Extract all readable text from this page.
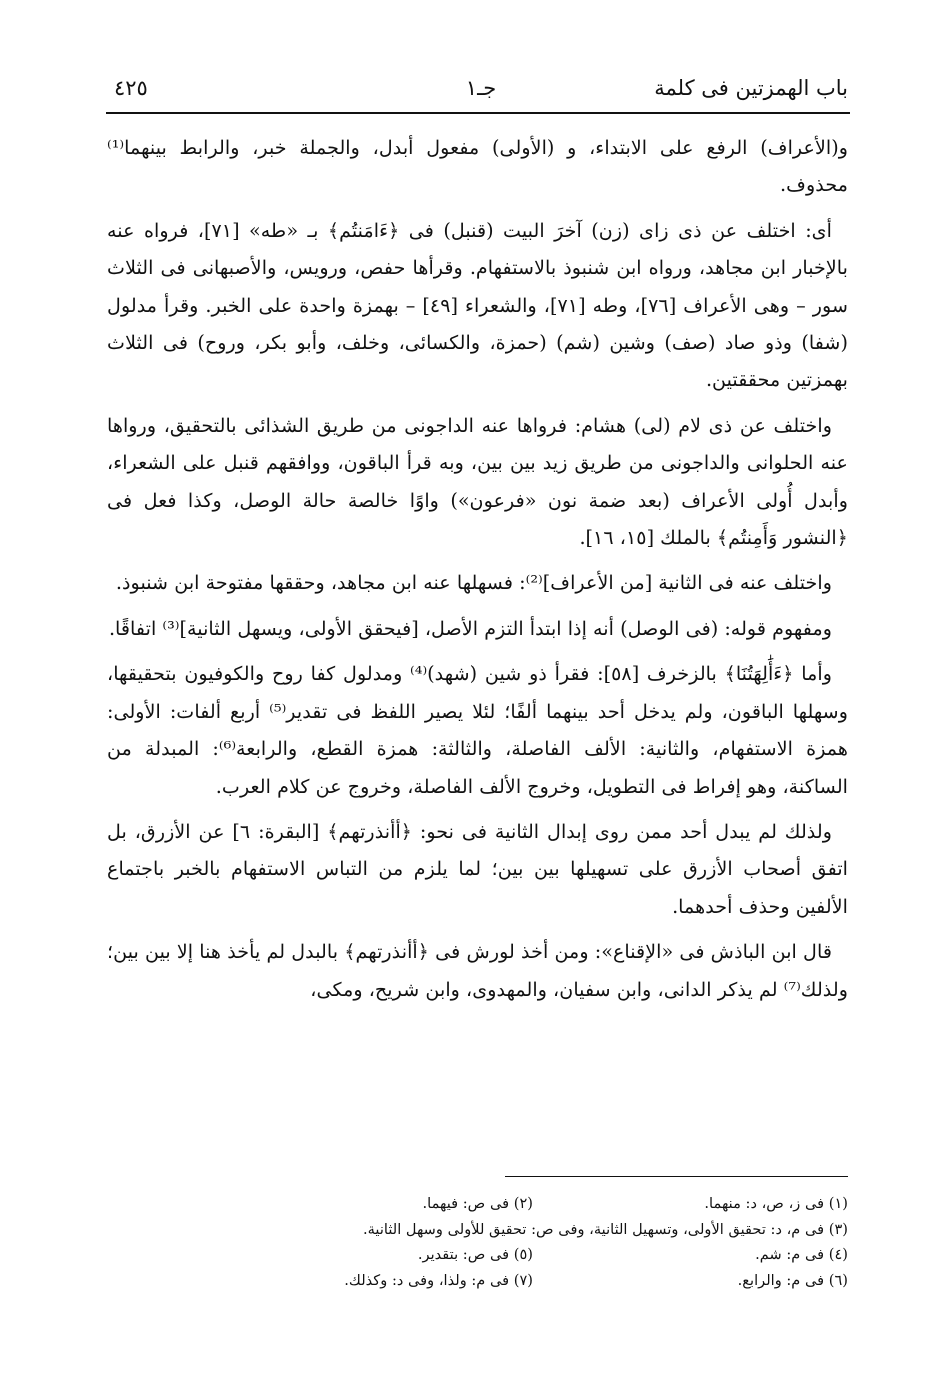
باب الهمزتين فى كلمة
جـ١
٤٢٥

و(الأعراف) الرفع على الابتداء، و (الأولى) مفعول أبدل، والجملة خبر، والرابط بينهما⁽¹⁾ محذوف.

أى: اختلف عن ذى زاى (زن) آخرَ البيت (قنبل) فى ﴿ءَامَنتُم﴾ بـ «طه» [٧١]، فرواه عنه بالإخبار ابن مجاهد، ورواه ابن شنبوذ بالاستفهام. وقرأها حفص، ورويس، والأصبهانى فى الثلاث سور – وهى الأعراف [٧٦]، وطه [٧١]، والشعراء [٤٩] – بهمزة واحدة على الخبر. وقرأ مدلول (شفا) وذو صاد (صف) وشين (شم) (حمزة، والكسائى، وخلف، وأبو بكر، وروح) فى الثلاث بهمزتين محققتين.

واختلف عن ذى لام (لى) هشام: فرواها عنه الداجونى من طريق الشذائى بالتحقيق، ورواها عنه الحلوانى والداجونى من طريق زيد بين بين، وبه قرأ الباقون، ووافقهم قنبل على الشعراء، وأبدل أُولى الأعراف (بعد ضمة نون «فرعون») واوًا خالصة حالة الوصل، وكذا فعل فى ﴿النشور وَأَمِنتُم﴾ بالملك [١٥، ١٦].

واختلف عنه فى الثانية [من الأعراف]⁽²⁾: فسهلها عنه ابن مجاهد، وحققها مفتوحة ابن شنبوذ.

ومفهوم قوله: (فى الوصل) أنه إذا ابتدأ التزم الأصل، [فيحقق الأولى، ويسهل الثانية]⁽³⁾ اتفاقًا.

وأما ﴿ءَأَٰلِهَتُنَا﴾ بالزخرف [٥٨]: فقرأ ذو شين (شهد)⁽⁴⁾ ومدلول كفا روح والكوفيون بتحقيقها، وسهلها الباقون، ولم يدخل أحد بينهما ألفًا؛ لئلا يصير اللفظ فى تقدير⁽⁵⁾ أربع ألفات: الأولى: همزة الاستفهام، والثانية: الألف الفاصلة، والثالثة: همزة القطع، والرابعة⁽⁶⁾: المبدلة من الساكنة، وهو إفراط فى التطويل، وخروج الألف الفاصلة، وخروج عن كلام العرب.

ولذلك لم يبدل أحد ممن روى إبدال الثانية فى نحو: ﴿أأنذرتهم﴾ [البقرة: ٦] عن الأزرق، بل اتفق أصحاب الأزرق على تسهيلها بين بين؛ لما يلزم من التباس الاستفهام بالخبر باجتماع الألفين وحذف أحدهما.

قال ابن الباذش فى «الإقناع»: ومن أخذ لورش فى ﴿أأنذرتهم﴾ بالبدل لم يأخذ هنا إلا بين بين؛ ولذلك⁽⁷⁾ لم يذكر الدانى، وابن سفيان، والمهدوى، وابن شريح، ومكى،

(١) فى ز، ص، د: منهما.
(٢) فى ص: فيهما.
(٣) فى م، د: تحقيق الأولى، وتسهيل الثانية، وفى ص: تحقيق للأولى وسهل الثانية.
(٤) فى م: شم.
(٥) فى ص: بتقدير.
(٦) فى م: والرابع.
(٧) فى م: ولذا، وفى د: وكذلك.
